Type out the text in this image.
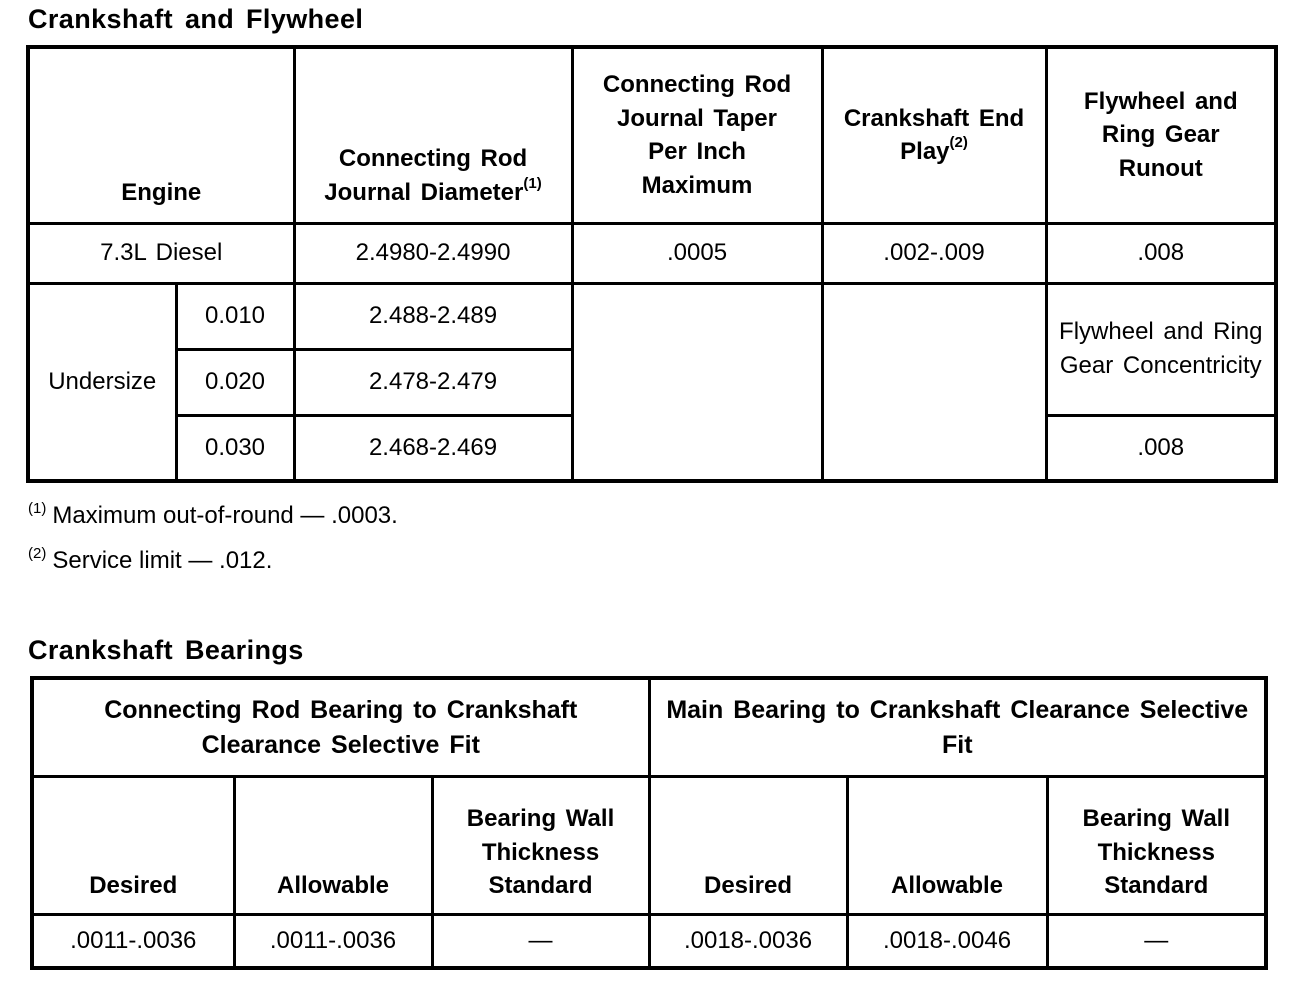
Crankshaft and Flywheel
Engine		Connecting Rod Journal Diameter$^{(1)}$	Connecting Rod Journal Taper Per Inch Maximum	Crankshaft End Play$^{(2)}$	Flywheel and Ring Gear Runout
7.3L Diesel		2.4980-2.4990	.0005	.002-.009	.008
Undersize	0.010	2.488-2.489			Flywheel and Ring Gear Concentricity
	0.020	2.478-2.479			
	0.030	2.468-2.469			.008

$^{(1)}$ Maximum out-of-round — .0003.

$^{(2)}$ Service limit — .012.

Crankshaft Bearings
Connecting Rod Bearing to Crankshaft Clearance Selective Fit			Main Bearing to Crankshaft Clearance Selective Fit		
Desired	Allowable	Bearing Wall Thickness Standard	Desired	Allowable	Bearing Wall Thickness Standard
.0011-.0036	.0011-.0036	—	.0018-.0036	.0018-.0046	—
